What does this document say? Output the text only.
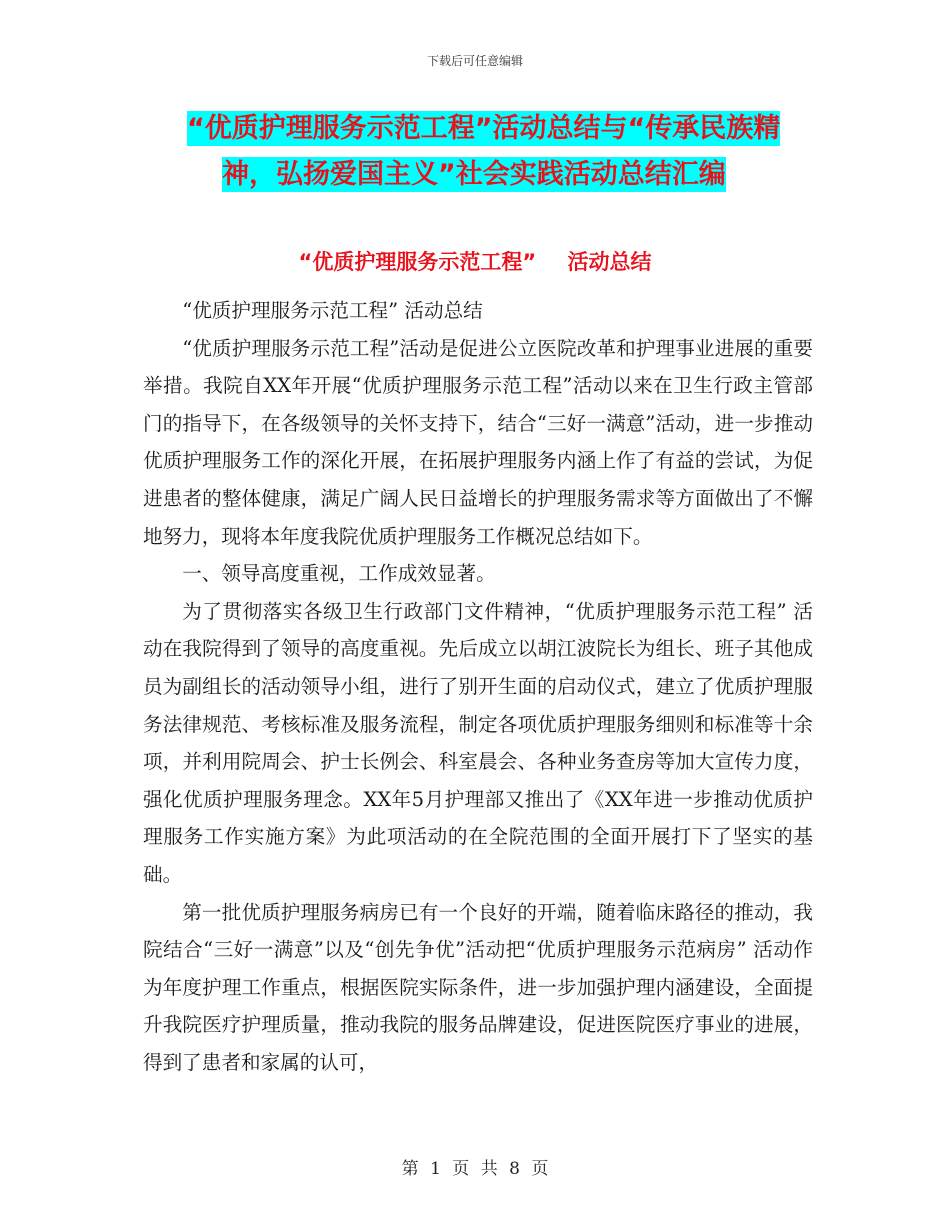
下载后可任意编辑
“优质护理服务示范工程”活动总结与“传承民族精
神，弘扬爱国主义”社会实践活动总结汇编
“优质护理服务示范工程” 活动总结

“优质护理服务示范工程” 活动总结

“优质护理服务示范工程”活动是促进公立医院改革和护理事业进展的重要举措。我院自XX年开展“优质护理服务示范工程”活动以来在卫生行政主管部门的指导下，在各级领导的关怀支持下，结合“三好一满意”活动，进一步推动优质护理服务工作的深化开展，在拓展护理服务内涵上作了有益的尝试，为促进患者的整体健康，满足广阔人民日益增长的护理服务需求等方面做出了不懈地努力，现将本年度我院优质护理服务工作概况总结如下。

一、领导高度重视，工作成效显著。

为了贯彻落实各级卫生行政部门文件精神，“优质护理服务示范工程” 活动在我院得到了领导的高度重视。先后成立以胡江波院长为组长、班子其他成员为副组长的活动领导小组，进行了别开生面的启动仪式，建立了优质护理服务法律规范、考核标准及服务流程，制定各项优质护理服务细则和标准等十余项，并利用院周会、护士长例会、科室晨会、各种业务查房等加大宣传力度，强化优质护理服务理念。XX年5月护理部又推出了《XX年进一步推动优质护理服务工作实施方案》为此项活动的在全院范围的全面开展打下了坚实的基础。

第一批优质护理服务病房已有一个良好的开端，随着临床路径的推动，我院结合“三好一满意”以及“创先争优”活动把“优质护理服务示范病房” 活动作为年度护理工作重点，根据医院实际条件，进一步加强护理内涵建设，全面提升我院医疗护理质量，推动我院的服务品牌建设，促进医院医疗事业的进展，得到了患者和家属的认可，

第 1 页 共 8 页
